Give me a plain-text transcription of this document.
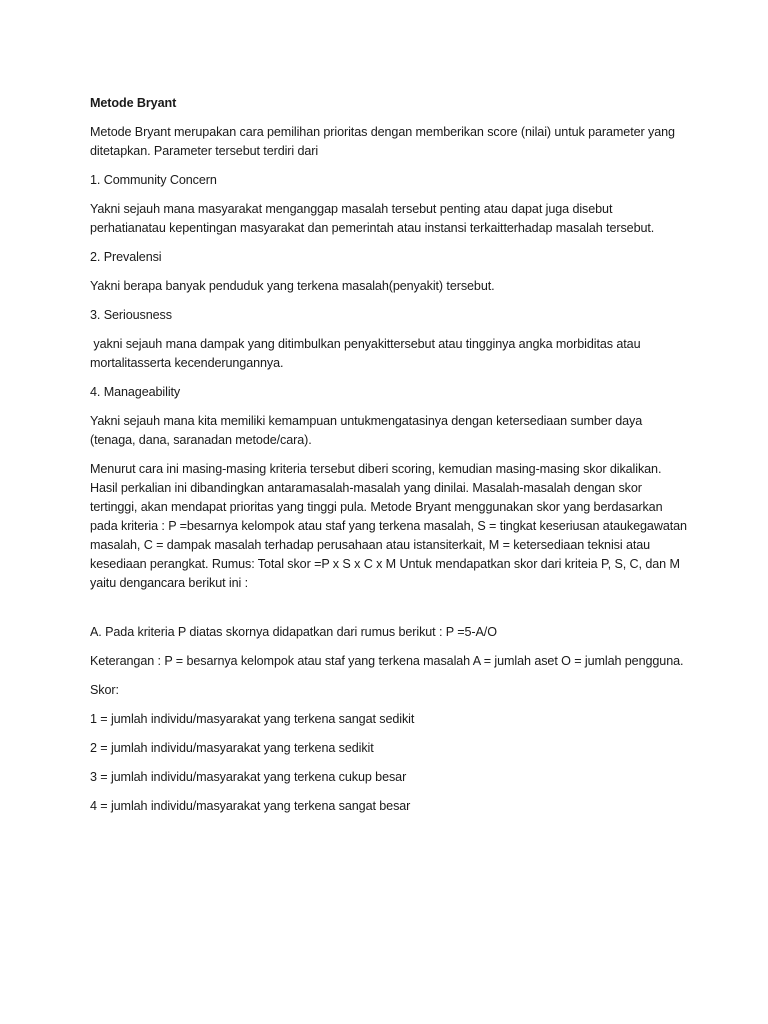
Metode Bryant

Metode Bryant merupakan cara pemilihan prioritas dengan memberikan score (nilai) untuk parameter yang ditetapkan. Parameter tersebut terdiri dari

1. Community Concern

Yakni sejauh mana masyarakat menganggap masalah tersebut penting atau dapat juga disebut perhatianatau kepentingan masyarakat dan pemerintah atau instansi terkaitterhadap masalah tersebut.

2. Prevalensi

Yakni berapa banyak penduduk yang terkena masalah(penyakit) tersebut.

3. Seriousness

yakni sejauh mana dampak yang ditimbulkan penyakittersebut atau tingginya angka morbiditas atau mortalitasserta kecenderungannya.

4. Manageability

Yakni sejauh mana kita memiliki kemampuan untukmengatasinya dengan ketersediaan sumber daya (tenaga, dana, saranadan metode/cara).

Menurut cara ini masing-masing kriteria tersebut diberi scoring, kemudian masing-masing skor dikalikan. Hasil perkalian ini dibandingkan antaramasalah-masalah yang dinilai. Masalah-masalah dengan skor tertinggi, akan mendapat prioritas yang tinggi pula. Metode Bryant menggunakan skor yang berdasarkan pada kriteria : P =besarnya kelompok atau staf yang terkena masalah, S = tingkat keseriusan ataukegawatan masalah, C = dampak masalah terhadap perusahaan atau istansiterkait, M = ketersediaan teknisi atau kesediaan perangkat. Rumus: Total skor =P x S x C x M Untuk mendapatkan skor dari kriteia P, S, C, dan M yaitu dengancara berikut ini :

A. Pada kriteria P diatas skornya didapatkan dari rumus berikut : P =5-A/O

Keterangan : P = besarnya kelompok atau staf yang terkena masalah A = jumlah aset O = jumlah pengguna.

Skor:

1 = jumlah individu/masyarakat yang terkena sangat sedikit

2 = jumlah individu/masyarakat yang terkena sedikit

3 = jumlah individu/masyarakat yang terkena cukup besar

4 = jumlah individu/masyarakat yang terkena sangat besar
